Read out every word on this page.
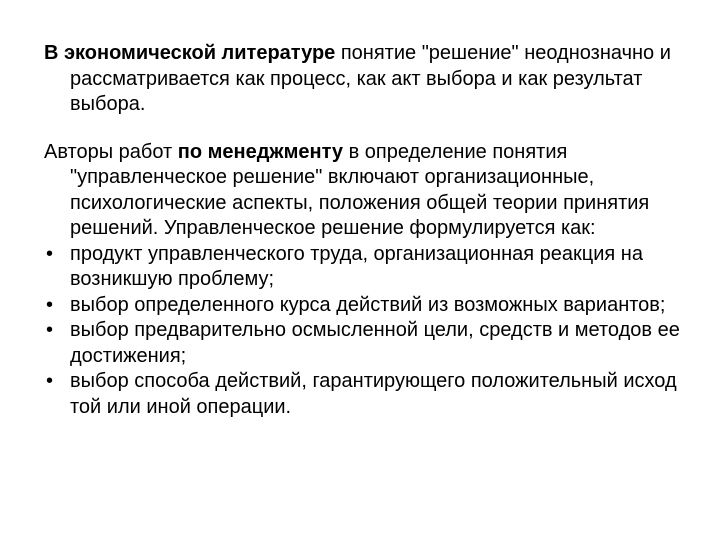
В экономической литературе понятие "решение" неоднозначно и рассматривается как процесс, как акт выбора и как результат выбора.

Авторы работ по менеджменту в определение понятия "управленческое решение" включают организационные, психологические аспекты, положения общей теории принятия решений. Управленческое решение формулируется как:

• продукт управленческого труда, организационная реакция на возникшую проблему;
• выбор определенного курса действий из возможных вариантов;
• выбор предварительно осмысленной цели, средств и методов ее достижения;
• выбор способа действий, гарантирующего положительный исход той или иной операции.
